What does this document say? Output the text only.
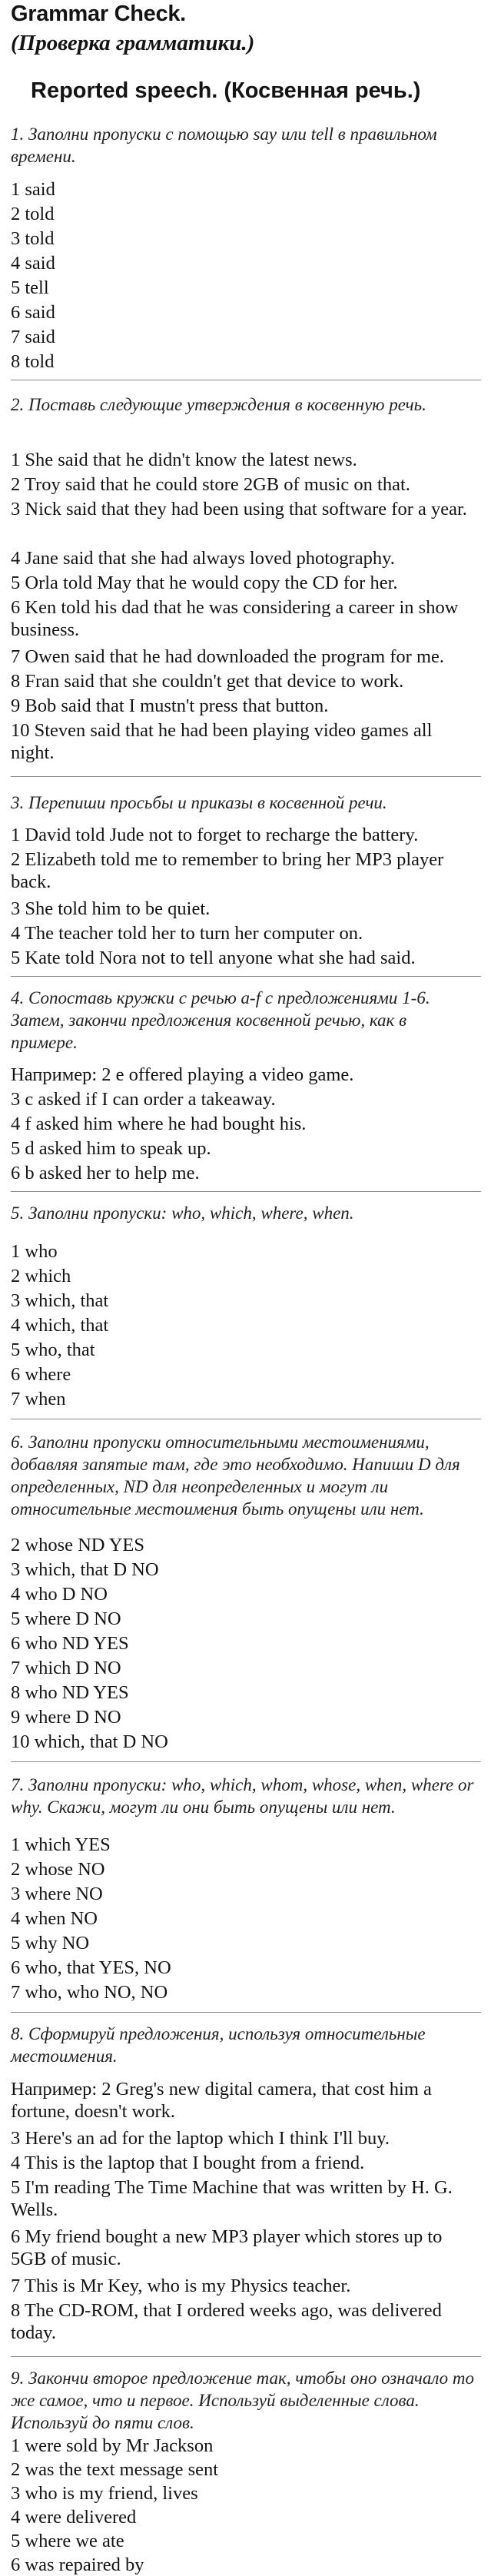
Grammar Check.
(Проверка грамматики.)
Reported speech. (Косвенная речь.)
1. Заполни пропуски с помощью say или tell в правильном времени.
1 said
2 told
3 told
4 said
5 tell
6 said
7 said
8 told
2. Поставь следующие утверждения в косвенную речь.
1 She said that he didn't know the latest news.
2 Troy said that he could store 2GB of music on that.
3 Nick said that they had been using that software for a year.
4 Jane said that she had always loved photography.
5 Orla told May that he would copy the CD for her.
6 Ken told his dad that he was considering a career in show business.
7 Owen said that he had downloaded the program for me.
8 Fran said that she couldn't get that device to work.
9 Bob said that I mustn't press that button.
10 Steven said that he had been playing video games all night.
3. Перепиши просьбы и приказы в косвенной речи.
1 David told Jude not to forget to recharge the battery.
2 Elizabeth told me to remember to bring her MP3 player back.
3 She told him to be quiet.
4 The teacher told her to turn her computer on.
5 Kate told Nora not to tell anyone what she had said.
4. Сопоставь кружки с речью a-f с предложениями 1-6. Затем, закончи предложения косвенной речью, как в примере.
Например: 2 e offered playing a video game.
3 c asked if I can order a takeaway.
4 f asked him where he had bought his.
5 d asked him to speak up.
6 b asked her to help me.
5. Заполни пропуски: who, which, where, when.
1 who
2 which
3 which, that
4 which, that
5 who, that
6 where
7 when
6. Заполни пропуски относительными местоимениями, добавляя запятые там, где это необходимо. Напиши D для определенных, ND для неопределенных и могут ли относительные местоимения быть опущены или нет.
2 whose ND YES
3 which, that D NO
4 who D NO
5 where D NO
6 who ND YES
7 which D NO
8 who ND YES
9 where D NO
10 which, that D NO
7. Заполни пропуски: who, which, whom, whose, when, where or why. Скажи, могут ли они быть опущены или нет.
1 which YES
2 whose NO
3 where NO
4 when NO
5 why NO
6 who, that YES, NO
7 who, who NO, NO
8. Сформируй предложения, используя относительные местоимения.
Например: 2 Greg's new digital camera, that cost him a fortune, doesn't work.
3 Here's an ad for the laptop which I think I'll buy.
4 This is the laptop that I bought from a friend.
5 I'm reading The Time Machine that was written by H. G. Wells.
6 My friend bought a new MP3 player which stores up to 5GB of music.
7 This is Mr Key, who is my Physics teacher.
8 The CD-ROM, that I ordered weeks ago, was delivered today.
9. Закончи второе предложение так, чтобы оно означало то же самое, что и первое. Используй выделенные слова. Используй до пяти слов.
1 were sold by Mr Jackson
2 was the text message sent
3 who is my friend, lives
4 were delivered
5 where we ate
6 was repaired by
